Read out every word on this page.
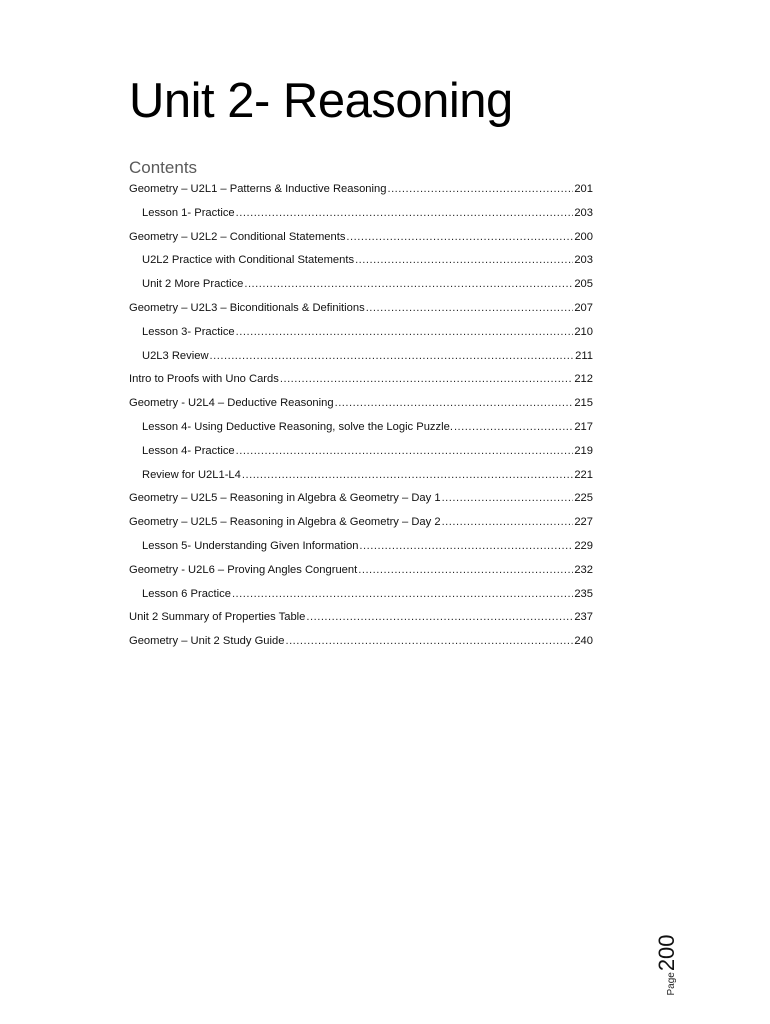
Unit 2- Reasoning
Contents
Geometry – U2L1 – Patterns & Inductive Reasoning .....	201
Lesson 1- Practice .....	203
Geometry – U2L2 – Conditional Statements .....	200
U2L2 Practice with Conditional Statements .....	203
Unit 2 More Practice .....	205
Geometry – U2L3 – Biconditionals & Definitions .....	207
Lesson 3- Practice .....	210
U2L3 Review .....	211
Intro to Proofs with Uno Cards .....	212
Geometry - U2L4 – Deductive Reasoning .....	215
Lesson 4- Using Deductive Reasoning, solve the Logic Puzzle. .....	217
Lesson 4- Practice .....	219
Review for U2L1-L4 .....	221
Geometry – U2L5 – Reasoning in Algebra & Geometry – Day 1 .....	225
Geometry – U2L5 – Reasoning in Algebra & Geometry – Day 2 .....	227
Lesson 5- Understanding Given Information .....	229
Geometry - U2L6 – Proving Angles Congruent .....	232
Lesson 6 Practice .....	235
Unit 2 Summary of Properties Table .....	237
Geometry – Unit 2 Study Guide .....	240
Page
200
